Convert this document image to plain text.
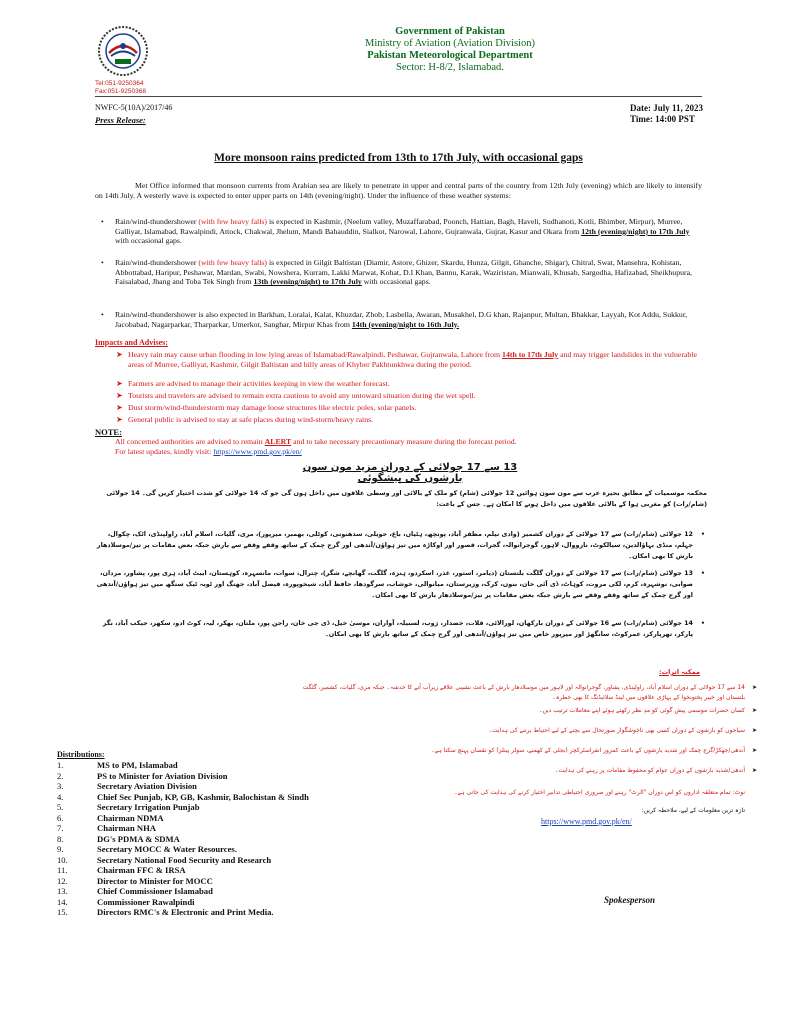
Government of Pakistan
Ministry of Aviation (Aviation Division)
Pakistan Meteorological Department
Sector: H-8/2, Islamabad.
Tel:051-9250364
Fax:051-9250368
NWFC-5(10A)/2017/46
Press Release:
Date: July 11, 2023
Time: 14:00 PST
More monsoon rains predicted from 13th to 17th July, with occasional gaps

Met Office informed that monsoon currents from Arabian sea are likely to penetrate in upper and central parts of the country from 12th July (evening) which are likely to intensify on 14th July. A westerly wave is expected to enter upper parts on 14th (evening/night). Under the influence of these weather systems:

• Rain/wind-thundershower (with few heavy falls) is expected in Kashmir, (Neelum valley, Muzaffarabad, Poonch, Hattian, Bagh, Haveli, Sudhanoti, Kotli, Bhimber, Mirpur), Murree, Galliyat, Islamabad, Rawalpindi, Attock, Chakwal, Jhelum, Mandi Bahauddin, Sialkot, Narowal, Lahore, Gujranwala, Gujrat, Kasur and Okara from 12th (evening/night) to 17th July with occasional gaps.
• Rain/wind-thundershower (with few heavy falls) is expected in Gilgit Baltistan (Diamir, Astore, Ghizer, Skardu, Hunza, Gilgit, Ghanche, Shigar), Chitral, Swat, Mansehra, Kohistan, Abbottabad, Haripur, Peshawar, Mardan, Swabi, Nowshera, Kurram, Lakki Marwat, Kohat, D.I Khan, Bannu, Karak, Waziristan, Mianwali, Khusab, Sargodha, Hafizabad, Sheikhupura, Faisalabad, Jhang and Toba Tek Singh from 13th (evening/night) to 17th July with occasional gaps.
• Rain/wind-thundershower is also expected in Barkhan, Loralai, Kalat, Khuzdar, Zhob, Lasbella, Awaran, Musakhel, D.G khan, Rajanpur, Multan, Bhakkar, Layyah, Kot Addu, Sukkur, Jacobabad, Nagarparkar, Tharparkar, Umerkot, Sanghar, Mirpur Khas from 14th (evening/night to 16th July.
Impacts and Advises:
➤ Heavy rain may cause urban flooding in low lying areas of Islamabad/Rawalpindi, Peshawar, Gujranwala, Lahore from 14th to 17th July and may trigger landslides in the vulnerable areas of Murree, Galliyat, Kashmir, Gilgit Baltistan and hilly areas of Khyber Pakhtunkhwa during the period.
➤ Farmers are advised to manage their activities keeping in view the weather forecast.
➤ Tourists and travelers are advised to remain extra cautious to avoid any untoward situation during the wet spell.
➤ Dust storm/wind-thunderstorm may damage loose structures like electric poles, solar panels.
➤ General public is advised to stay at safe places during wind-storm/heavy rains.
NOTE:
All concerned authorities are advised to remain ALERT and to take necessary precautionary measure during the forecast period.
For latest updates, kindly visit: https://www.pmd.gov.pk/en/
13 سے 17 جولائی کے دوران مزید مون سون بارشوں کی پیشگوئی

محکمہ موسمیات کے مطابق بحیرہ عرب سے مون سون ہوائیں 12 جولائی (شام) کو ملک کے بالائی اور وسطی علاقوں میں داخل ہوں گی جو کہ 14 جولائی کو شدت اختیار کریں گی۔ 14 جولائی (شام/رات) کو مغربی ہوا کے بالائی علاقوں میں داخل ہونے کا امکان ہے۔ جس کے باعث:

•
12 جولائی (شام/رات) سے 17 جولائی کے دوران کشمیر (وادی نیلم، مظفر آباد، پونچھ، ہٹیاں، باغ، حویلی، سدھنوتی، کوٹلی، بھمبر، میرپور)، مری، گلیات، اسلام آباد، راولپنڈی، اٹک، چکوال، جہلم، منڈی بہاؤالدین، سیالکوٹ، نارووال، لاہور، گوجرانوالہ، گجرات، قصور اور اوکاڑہ میں تیز ہواؤں/آندھی اور گرج چمک کے ساتھ وقفے وقفے سے بارش جبکہ بعض مقامات پر تیز/موسلادھار بارش کا بھی امکان۔
•
13 جولائی (شام/رات) سے 17 جولائی کے دوران گلگت بلتستان (دیامر، استور، غذر، اسکردو، ہنزہ، گلگت، گھانچے، شگر)، چترال، سوات، مانسہرہ، کوہستان، ایبٹ آباد، ہری پور، پشاور، مردان، صوابی، نوشہرہ، کرم، لکی مروت، کوہاٹ، ڈی آئی خان، بنوں، کرک، وزیرستان، میانوالی، خوشاب، سرگودھا، حافظ آباد، شیخوپورہ، فیصل آباد، جھنگ اور ٹوبہ ٹیک سنگھ میں تیز ہواؤں/آندھی اور گرج چمک کے ساتھ وقفے وقفے سے بارش جبکہ بعض مقامات پر تیز/موسلادھار بارش کا بھی امکان۔
•
14 جولائی (شام/رات) سے 16 جولائی کے دوران بارکھان، لورالائی، قلات، خضدار، ژوب، لسبیلہ، آواران، موسیٰ خیل، ڈی جی خان، راجن پور، ملتان، بھکر، لیہ، کوٹ ادو، سکھر، جیکب آباد، نگر پارکر، تھرپارکر، عمرکوٹ، سانگھڑ اور میرپور خاص میں تیز ہواؤں/آندھی اور گرج چمک کے ساتھ بارش کا بھی امکان۔
ممکنہ اثرات:
➤
14 سے 17 جولائی کے دوران اسلام آباد، راولپنڈی، پشاور، گوجرانوالہ اور لاہور میں موسلادھار بارش کے باعث نشیبی علاقے زیرآب آنے کا خدشہ۔ جبکہ مری، گلیات، کشمیر، گلگت بلتستان اور خیبر پختونخوا کے پہاڑی علاقوں میں لینڈ سلائیڈنگ کا بھی خطرہ۔
➤
کسان حضرات موسمی پیش گوئی کو مدِ نظر رکھتے ہوئے اپنے معاملات ترتیب دیں۔
➤
سیاحوں کو بارشوں کے دوران کسی بھی ناخوشگوار صورتحال سے بچنے کے لیے احتیاط برتنے کی ہدایت۔
➤
آندھی/جھکڑ/گرج چمک اور شدید بارشوں کے باعث کمزور انفراسٹرکچر (بجلی کے کھمبے، سولر پینلز) کو نقصان پہنچ سکتا ہے۔
➤
آندھی/شدید بارشوں کے دوران عوام کو محفوظ مقامات پر رہنے کی ہدایت۔
نوٹ: تمام متعلقہ اداروں کو اس دوران "الرٹ" رہنے اور ضروری احتیاطی تدابیر اختیار کرنے کی ہدایت کی جاتی ہے۔
تازہ ترین معلومات کے لیے، ملاحظہ کریں:
https://www.pmd.gov.pk/en/
Distributions:
1.	MS to PM, Islamabad
2.	PS to Minister for Aviation Division
3.	Secretary Aviation Division
4.	Chief Sec Punjab, KP, GB, Kashmir, Balochistan & Sindh
5.	Secretary Irrigation Punjab
6.	Chairman NDMA
7.	Chairman NHA
8.	DG's PDMA & SDMA
9.	Secretary MOCC & Water Resources.
10.	Secretary National Food Security and Research
11.	Chairman FFC & IRSA
12.	Director to Minister for MOCC
13.	Chief Commissioner Islamabad
14.	Commissioner Rawalpindi
15.	Directors RMC's & Electronic and Print Media.
Spokesperson
